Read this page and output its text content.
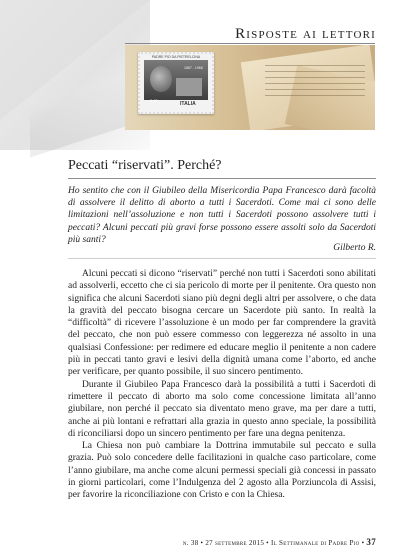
Risposte ai lettori
PADRE PIO DA PIETRELCINA
1887 - 1968
0,60
ITALIA
Peccati “riservati”. Perché?
Ho sentito che con il Giubileo della Misericordia Papa Francesco darà facoltà di assolvere il delitto di aborto a tutti i Sacerdoti. Come mai ci sono delle limitazioni nell’assoluzione e non tutti i Sacerdoti possono assolvere tutti i peccati? Alcuni peccati più gravi forse possono essere assolti solo da Sacerdoti più santi?
Gilberto R.

Alcuni peccati si dicono “riservati” perché non tutti i Sacerdoti sono abilitati ad assolverli, eccetto che ci sia pericolo di morte per il penitente. Ora questo non significa che alcuni Sacerdoti siano più degni degli altri per assolvere, o che data la gravità del peccato bisogna cercare un Sacerdote più santo. In realtà la “difficoltà” di ricevere l’assoluzione è un modo per far comprendere la gravità del peccato, che non può essere commesso con leggerezza né assolto in una qualsiasi Confessione: per redimere ed educare meglio il penitente a non cadere più in peccati tanto gravi e lesivi della dignità umana come l’aborto, ed anche per verificare, per quanto possibile, il suo sincero pentimento.

Durante il Giubileo Papa Francesco darà la possibilità a tutti i Sacerdoti di rimettere il peccato di aborto ma solo come concessione limitata all’anno giubilare, non perché il peccato sia diventato meno grave, ma per dare a tutti, anche ai più lontani e refrattari alla grazia in questo anno speciale, la possibilità di riconciliarsi dopo un sincero pentimento per fare una degna penitenza.

La Chiesa non può cambiare la Dottrina immutabile sul peccato e sulla grazia. Può solo concedere delle facilitazioni in qualche caso particolare, come l’anno giubilare, ma anche come alcuni permessi speciali già concessi in passato in giorni particolari, come l’Indulgenza del 2 agosto alla Porziuncola di Assisi, per favorire la riconciliazione con Cristo e con la Chiesa.

n. 38 • 27 settembre 2015 • Il Settimanale di Padre Pio • 37
